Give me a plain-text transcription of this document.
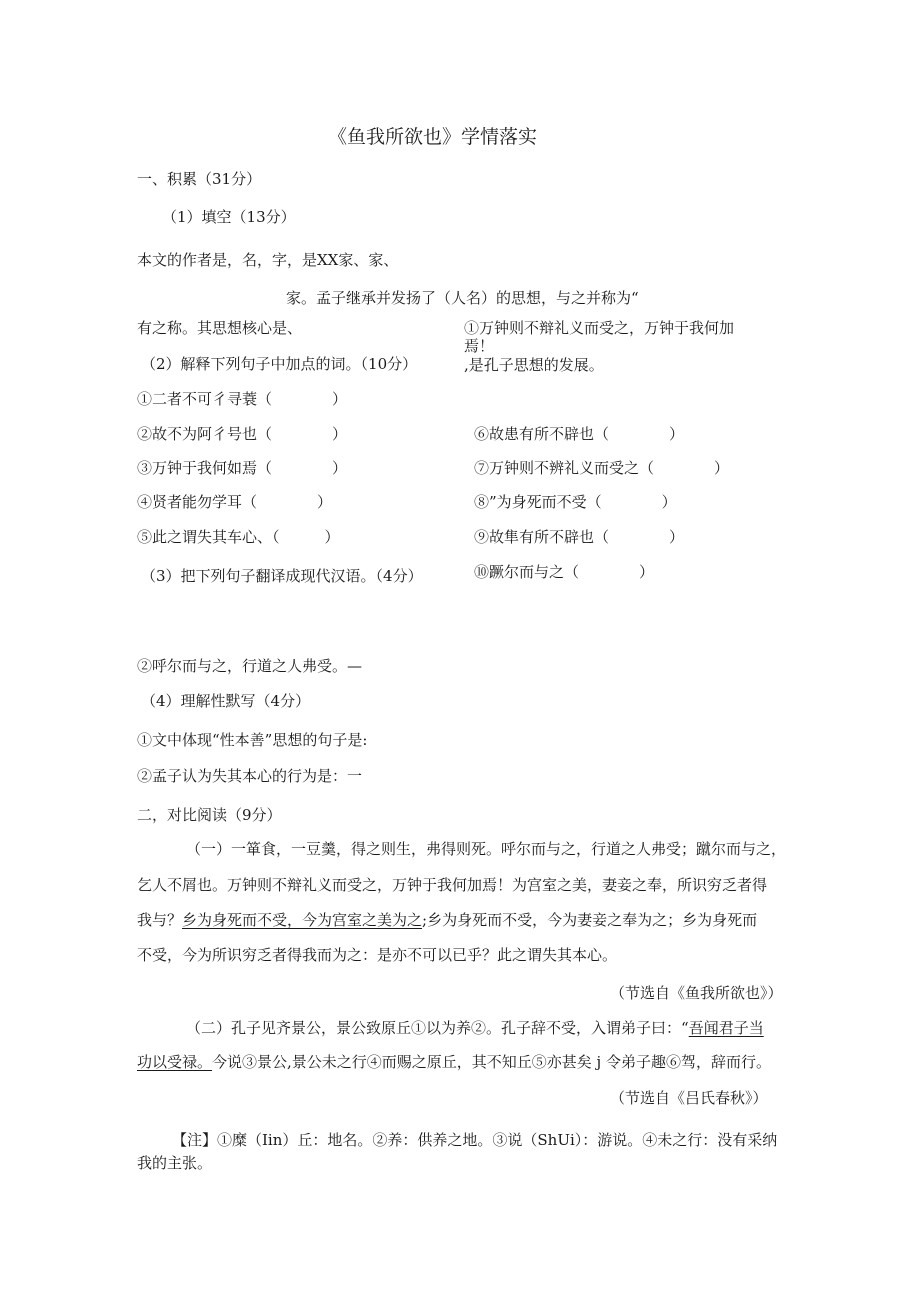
《鱼我所欲也》学情落实
一、积累（31分）
（1）填空（13分）
本文的作者是，名，字，是XX家、家、
家。孟子继承并发扬了（人名）的思想，与之并称为“
有之称。其思想核心是、	①万钟则不辩礼义而受之，万钟于我何加焉！
,是孔子思想的发展。
（2）解释下列句子中加点的词。（10分）
①二者不可彳寻蓑（　　　　）
②故不为阿彳号也（　　　　）
③万钟于我何如焉（　　　　）
④贤者能勿学耳（　　　　）
⑤此之谓失其车心、（　　　）
⑥故患有所不辟也（　　　　）
⑦万钟则不辨礼义而受之（　　　　）
⑧”为身死而不受（　　　　）
⑨故隼有所不辟也（　　　　）
⑩蹶尔而与之（　　　　）
（3）把下列句子翻译成现代汉语。（4分）
②呼尔而与之，行道之人弗受。—
（4）理解性默写（4分）
①文中体现“性本善”思想的句子是:
②孟子认为失其本心的行为是：一
二，对比阅读（9分）
（一）一箪食，一豆羹，得之则生，弗得则死。呼尔而与之，行道之人弗受；蹴尔而与之，
乞人不屑也。万钟则不辩礼义而受之，万钟于我何加焉！为宫室之美，妻妾之奉，所识穷乏者得
我与？乡为身死而不受，今为宫室之美为之;乡为身死而不受，今为妻妾之奉为之；乡为身死而
不受，今为所识穷乏者得我而为之：是亦不可以已乎？此之谓失其本心。
（节选自《鱼我所欲也》）
（二）孔子见齐景公，景公致原丘①以为养②。孔子辞不受，入谓弟子曰：“吾闻君子当
功以受禄。今说③景公,景公未之行④而赐之原丘，其不知丘⑤亦甚矣 j 令弟子趣⑥驾，辞而行。
（节选自《吕氏春秋》）
【注】①糜（Iin）丘：地名。②养：供养之地。③说（ShUi）：游说。④未之行：没有采纳
我的主张。
